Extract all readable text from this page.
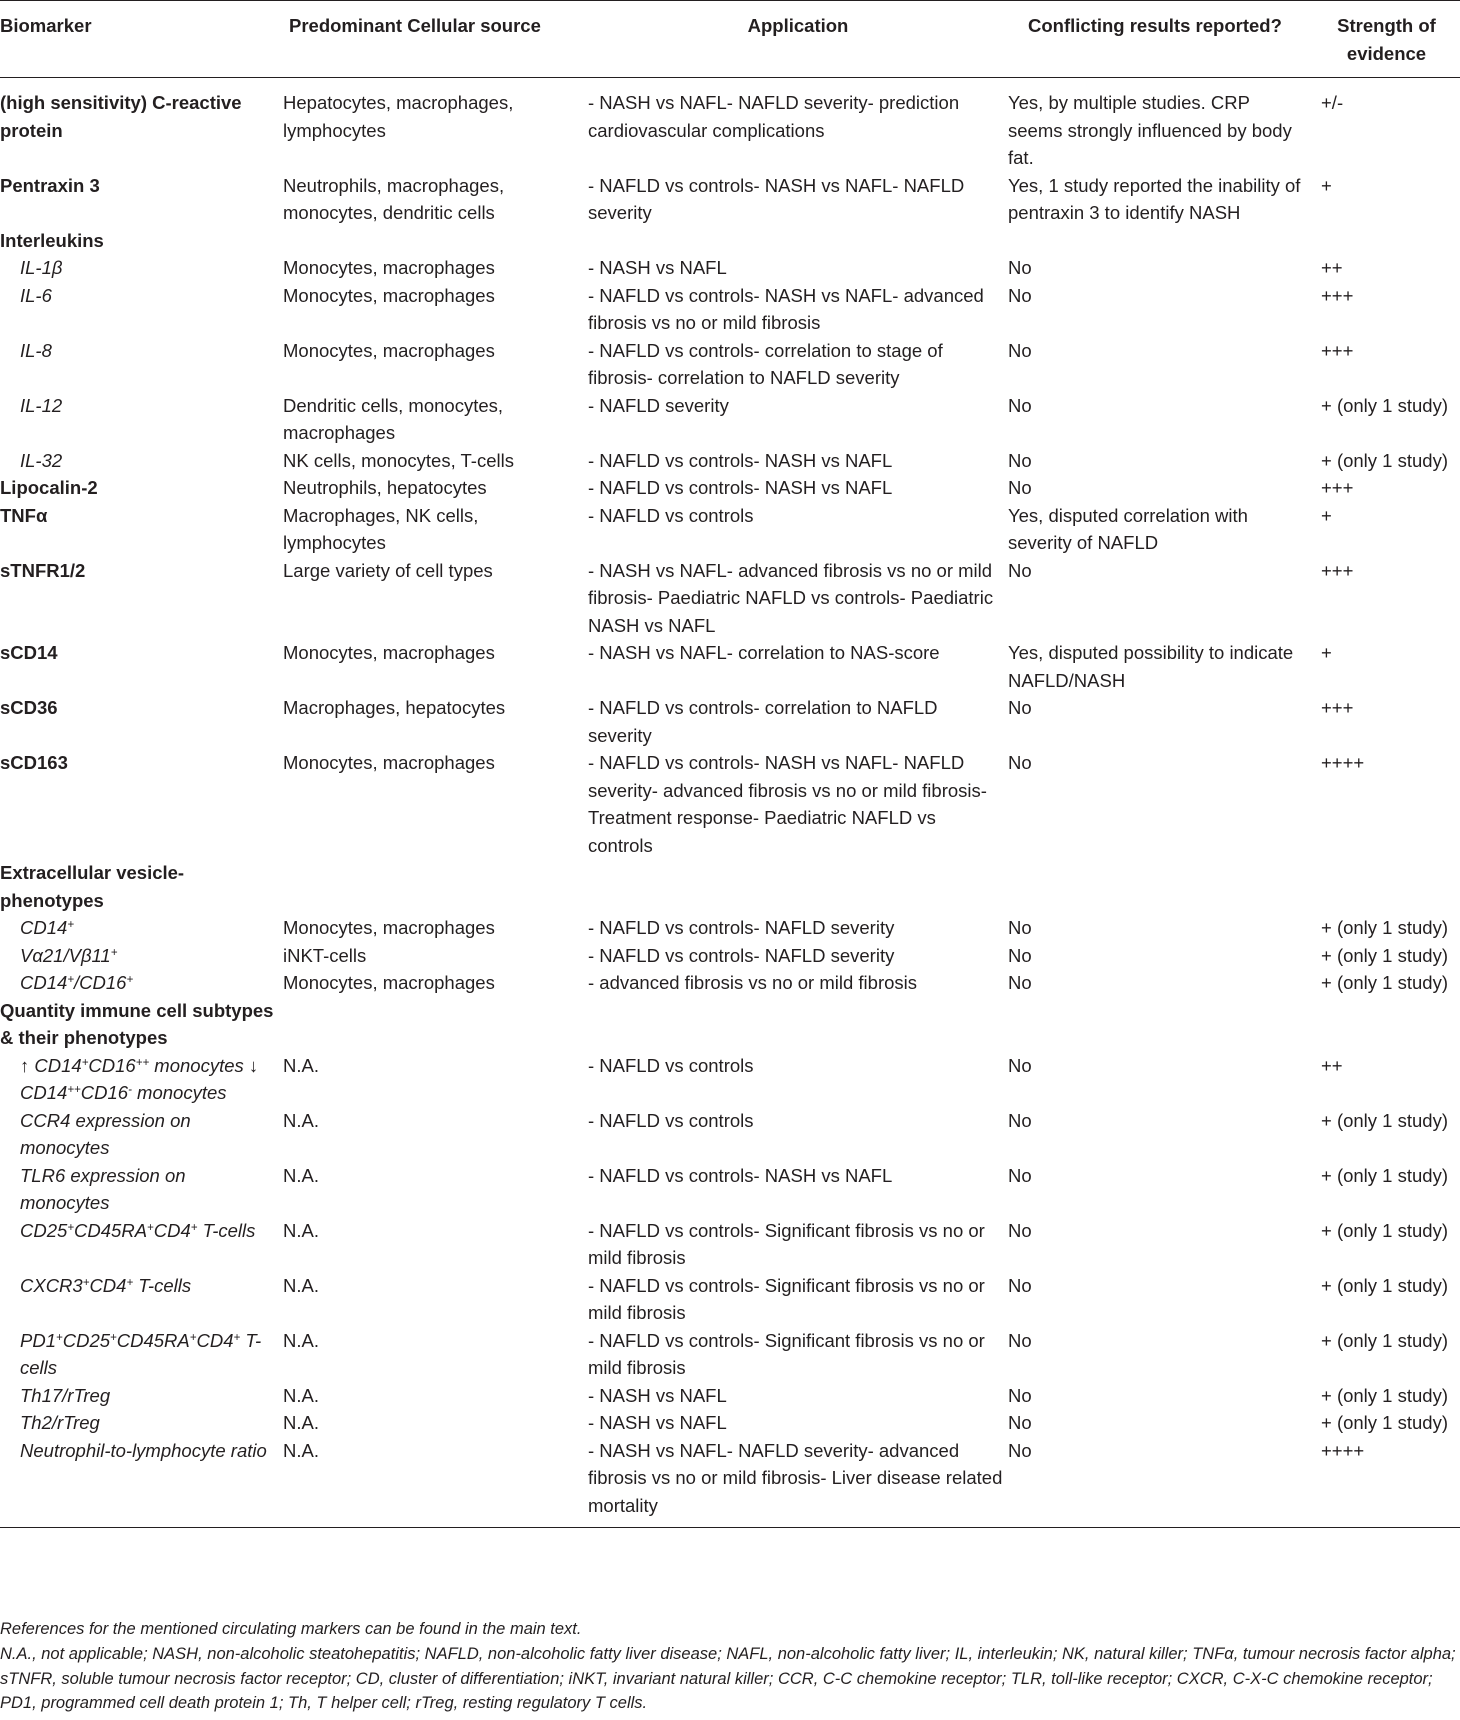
Biomarker	Predominant Cellular source	Application	Conflicting results reported?	Strength of evidence
(high sensitivity) C-reactive protein	Hepatocytes, macrophages, lymphocytes	- NASH vs NAFL- NAFLD severity- prediction cardiovascular complications	Yes, by multiple studies. CRP seems strongly influenced by body fat.	+/-
Pentraxin 3	Neutrophils, macrophages, monocytes, dendritic cells	- NAFLD vs controls- NASH vs NAFL- NAFLD severity	Yes, 1 study reported the inability of pentraxin 3 to identify NASH	+
Interleukins				
IL-1β	Monocytes, macrophages	- NASH vs NAFL	No	++
IL-6	Monocytes, macrophages	- NAFLD vs controls- NASH vs NAFL- advanced fibrosis vs no or mild fibrosis	No	+++
IL-8	Monocytes, macrophages	- NAFLD vs controls- correlation to stage of fibrosis- correlation to NAFLD severity	No	+++
IL-12	Dendritic cells, monocytes, macrophages	- NAFLD severity	No	+ (only 1 study)
IL-32	NK cells, monocytes, T-cells	- NAFLD vs controls- NASH vs NAFL	No	+ (only 1 study)
Lipocalin-2	Neutrophils, hepatocytes	- NAFLD vs controls- NASH vs NAFL	No	+++
TNFα	Macrophages, NK cells, lymphocytes	- NAFLD vs controls	Yes, disputed correlation with severity of NAFLD	+
sTNFR1/2	Large variety of cell types	- NASH vs NAFL- advanced fibrosis vs no or mild fibrosis- Paediatric NAFLD vs controls- Paediatric NASH vs NAFL	No	+++
sCD14	Monocytes, macrophages	- NASH vs NAFL- correlation to NAS-score	Yes, disputed possibility to indicate NAFLD/NASH	+
sCD36	Macrophages, hepatocytes	- NAFLD vs controls- correlation to NAFLD severity	No	+++
sCD163	Monocytes, macrophages	- NAFLD vs controls- NASH vs NAFL- NAFLD severity- advanced fibrosis vs no or mild fibrosis- Treatment response- Paediatric NAFLD vs controls	No	++++
Extracellular vesicle-phenotypes				
CD14+	Monocytes, macrophages	- NAFLD vs controls- NAFLD severity	No	+ (only 1 study)
Vα21/Vβ11+	iNKT-cells	- NAFLD vs controls- NAFLD severity	No	+ (only 1 study)
CD14+/CD16+	Monocytes, macrophages	- advanced fibrosis vs no or mild fibrosis	No	+ (only 1 study)
Quantity immune cell subtypes & their phenotypes				
↑ CD14+CD16++ monocytes ↓ CD14++CD16- monocytes	N.A.	- NAFLD vs controls	No	++
CCR4 expression on monocytes	N.A.	- NAFLD vs controls	No	+ (only 1 study)
TLR6 expression on monocytes	N.A.	- NAFLD vs controls- NASH vs NAFL	No	+ (only 1 study)
CD25+CD45RA+CD4+ T-cells	N.A.	- NAFLD vs controls- Significant fibrosis vs no or mild fibrosis	No	+ (only 1 study)
CXCR3+CD4+ T-cells	N.A.	- NAFLD vs controls- Significant fibrosis vs no or mild fibrosis	No	+ (only 1 study)
PD1+CD25+CD45RA+CD4+ T-cells	N.A.	- NAFLD vs controls- Significant fibrosis vs no or mild fibrosis	No	+ (only 1 study)
Th17/rTreg	N.A.	- NASH vs NAFL	No	+ (only 1 study)
Th2/rTreg	N.A.	- NASH vs NAFL	No	+ (only 1 study)
Neutrophil-to-lymphocyte ratio	N.A.	- NASH vs NAFL- NAFLD severity- advanced fibrosis vs no or mild fibrosis- Liver disease related mortality	No	++++

References for the mentioned circulating markers can be found in the main text.

N.A., not applicable; NASH, non-alcoholic steatohepatitis; NAFLD, non-alcoholic fatty liver disease; NAFL, non-alcoholic fatty liver; IL, interleukin; NK, natural killer; TNFα, tumour necrosis factor alpha; sTNFR, soluble tumour necrosis factor receptor; CD, cluster of differentiation; iNKT, invariant natural killer; CCR, C-C chemokine receptor; TLR, toll-like receptor; CXCR, C-X-C chemokine receptor; PD1, programmed cell death protein 1; Th, T helper cell; rTreg, resting regulatory T cells.
